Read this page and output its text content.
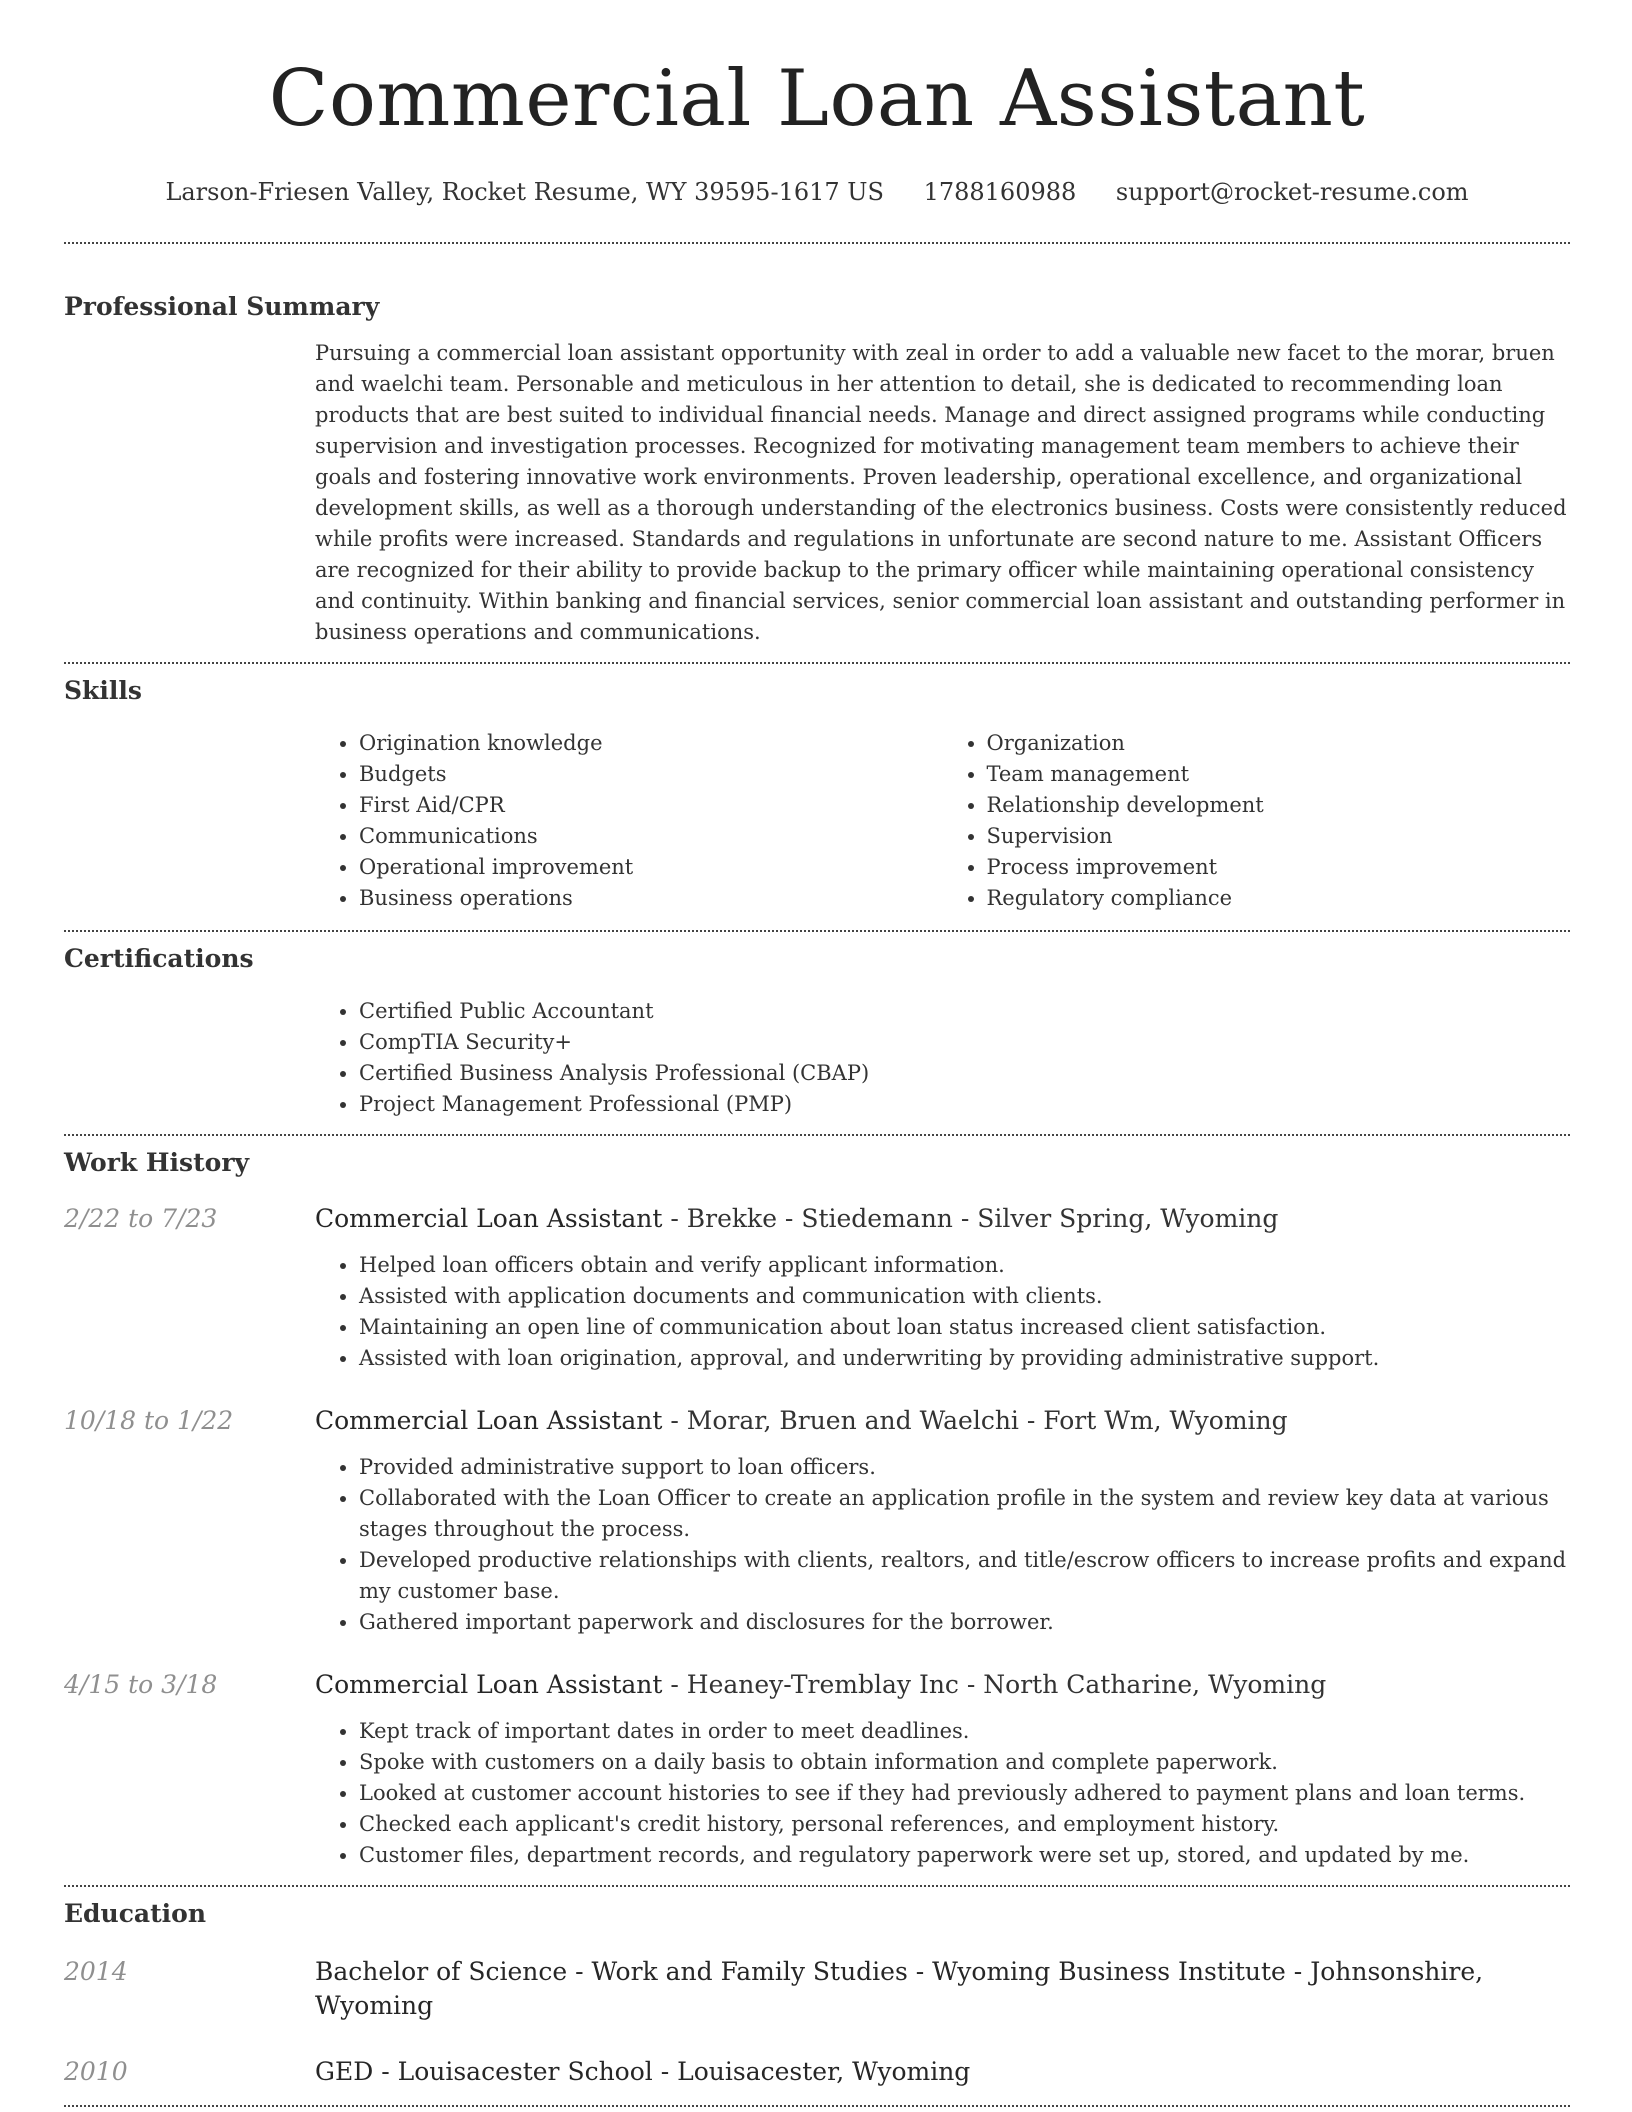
Commercial Loan Assistant
Larson-Friesen Valley, Rocket Resume, WY 39595-1617 US 1788160988 support@rocket-resume.com
Professional Summary
Pursuing a commercial loan assistant opportunity with zeal in order to add a valuable new facet to the morar, bruen and waelchi team. Personable and meticulous in her attention to detail, she is dedicated to recommending loan products that are best suited to individual financial needs. Manage and direct assigned programs while conducting supervision and investigation processes. Recognized for motivating management team members to achieve their goals and fostering innovative work environments. Proven leadership, operational excellence, and organizational development skills, as well as a thorough understanding of the electronics business. Costs were consistently reduced while profits were increased. Standards and regulations in unfortunate are second nature to me. Assistant Officers are recognized for their ability to provide backup to the primary officer while maintaining operational consistency and continuity. Within banking and financial services, senior commercial loan assistant and outstanding performer in business operations and communications.
Skills
• Origination knowledge
• Budgets
• First Aid/CPR
• Communications
• Operational improvement
• Business operations
• Organization
• Team management
• Relationship development
• Supervision
• Process improvement
• Regulatory compliance
Certifications
• Certified Public Accountant
• CompTIA Security+
• Certified Business Analysis Professional (CBAP)
• Project Management Professional (PMP)
Work History
2/22 to 7/23	Commercial Loan Assistant - Brekke - Stiedemann - Silver Spring, Wyoming
• Helped loan officers obtain and verify applicant information.
• Assisted with application documents and communication with clients.
• Maintaining an open line of communication about loan status increased client satisfaction.
• Assisted with loan origination, approval, and underwriting by providing administrative support.
10/18 to 1/22	Commercial Loan Assistant - Morar, Bruen and Waelchi - Fort Wm, Wyoming
• Provided administrative support to loan officers.
• Collaborated with the Loan Officer to create an application profile in the system and review key data at various stages throughout the process.
• Developed productive relationships with clients, realtors, and title/escrow officers to increase profits and expand my customer base.
• Gathered important paperwork and disclosures for the borrower.
4/15 to 3/18	Commercial Loan Assistant - Heaney-Tremblay Inc - North Catharine, Wyoming
• Kept track of important dates in order to meet deadlines.
• Spoke with customers on a daily basis to obtain information and complete paperwork.
• Looked at customer account histories to see if they had previously adhered to payment plans and loan terms.
• Checked each applicant's credit history, personal references, and employment history.
• Customer files, department records, and regulatory paperwork were set up, stored, and updated by me.
Education
2014	Bachelor of Science - Work and Family Studies - Wyoming Business Institute - Johnsonshire, Wyoming
2010	GED - Louisacester School - Louisacester, Wyoming
